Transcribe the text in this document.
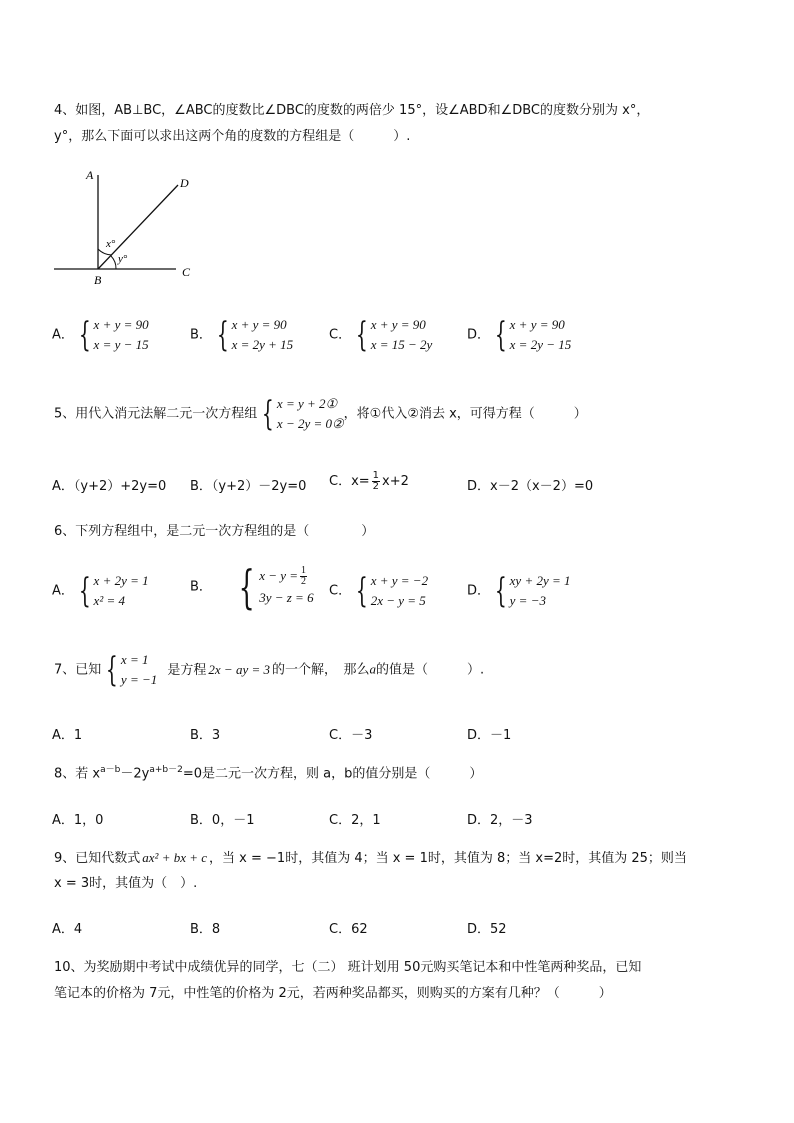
4、如图，AB⊥BC，∠ABC的度数比∠DBC的度数的两倍少 15°，设∠ABD和∠DBC的度数分别为 x°，
y°，那么下面可以求出这两个角的度数的方程组是（　　　）.
A
D
C
B
x°
y°
A． { x + y = 90
x = y − 15
B． { x + y = 90
x = 2y + 15
C． { x + y = 90
x = 15 − 2y
D． { x + y = 90
x = 2y − 15
5、用代入消元法解二元一次方程组 { x = y + 2①
x − 2y = 0②
，将①代入②消去 x，可得方程（　　　）
A．（y+2）+2y=0 B．（y+2）－2y=0 C．$x= \frac{1}{2} x+2$	D．x－2（x－2）=0
6、下列方程组中，是二元一次方程组的是（　　　　）
A． { x + 2y = 1
x² = 4
B． { $x - y = \frac{1}{2}$
3y − z = 6 C． { x + y = −2
2x − y = 5
D． { xy + 2y = 1
y = −3
7、已知 { x = 1
y = −1
是方程 2x − ay = 3 的一个解，　那么a的值是（　　　）.
A．1	B．3	C．－3	D．－1
8、若 $x^{a-b}-2y^{a+b-2}=0$是二元一次方程，则 a，b的值分别是（　　　）
A．1，0	B．0，－1	C．2，1	D．2，－3
9、已知代数式 ax² + bx + c ，当 x = −1时，其值为 4；当 x = 1时，其值为 8；当 x=2时，其值为 25；则当
x = 3时，其值为（　）.
A．4	B．8	C．62	D．52
10、为奖励期中考试中成绩优异的同学，七（二） 班计划用 50元购买笔记本和中性笔两种奖品，已知
笔记本的价格为 7元，中性笔的价格为 2元，若两种奖品都买，则购买的方案有几种？（　　　）
